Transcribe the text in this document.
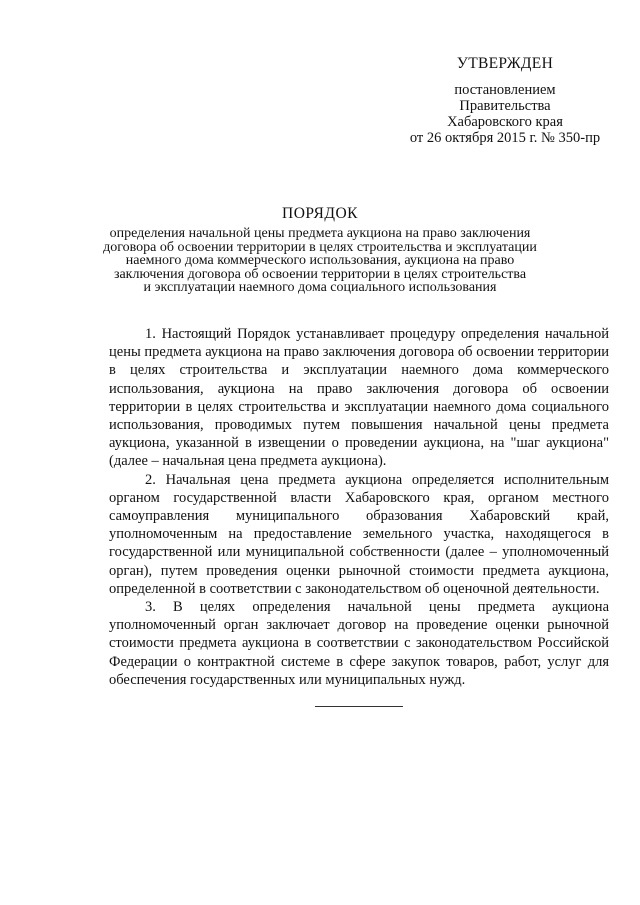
УТВЕРЖДЕН
постановлением
Правительства
Хабаровского края
от 26 октября 2015 г. № 350-пр
ПОРЯДОК
определения начальной цены предмета аукциона на право заключения
договора об освоении территории в целях строительства и эксплуатации
наемного дома коммерческого использования, аукциона на право
заключения договора об освоении территории в целях строительства
и эксплуатации наемного дома социального использования

1. Настоящий Порядок устанавливает процедуру определения начальной цены предмета аукциона на право заключения договора об освоении территории в целях строительства и эксплуатации наемного дома коммерческого использования, аукциона на право заключения договора об освоении территории в целях строительства и эксплуатации наемного дома социального использования, проводимых путем повышения начальной цены предмета аукциона, указанной в извещении о проведении аукциона, на "шаг аукциона" (далее – начальная цена предмета аукциона).

2. Начальная цена предмета аукциона определяется исполнительным органом государственной власти Хабаровского края, органом местного самоуправления муниципального образования Хабаровский край, уполномоченным на предоставление земельного участка, находящегося в государственной или муниципальной собственности (далее – уполномоченный орган), путем проведения оценки рыночной стоимости предмета аукциона, определенной в соответствии с законодательством об оценочной деятельности.

3. В целях определения начальной цены предмета аукциона уполномоченный орган заключает договор на проведение оценки рыночной стоимости предмета аукциона в соответствии с законодательством Российской Федерации о контрактной системе в сфере закупок товаров, работ, услуг для обеспечения государственных или муниципальных нужд.
